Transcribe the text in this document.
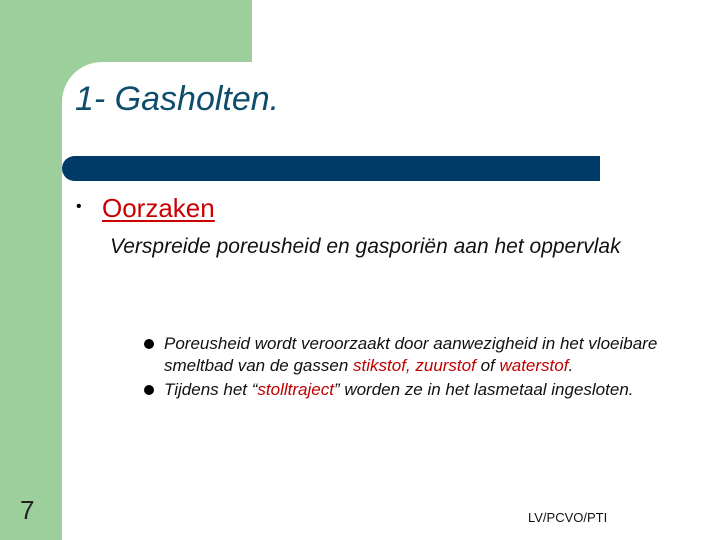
1- Gasholten.
• Oorzaken
Verspreide poreusheid en gasporiën aan het oppervlak
Poreusheid wordt veroorzaakt door aanwezigheid in het vloeibare smeltbad van de gassen stikstof, zuurstof of waterstof.
Tijdens het “stolltraject” worden ze in het lasmetaal ingesloten.
7	LV/PCVO/PTI
